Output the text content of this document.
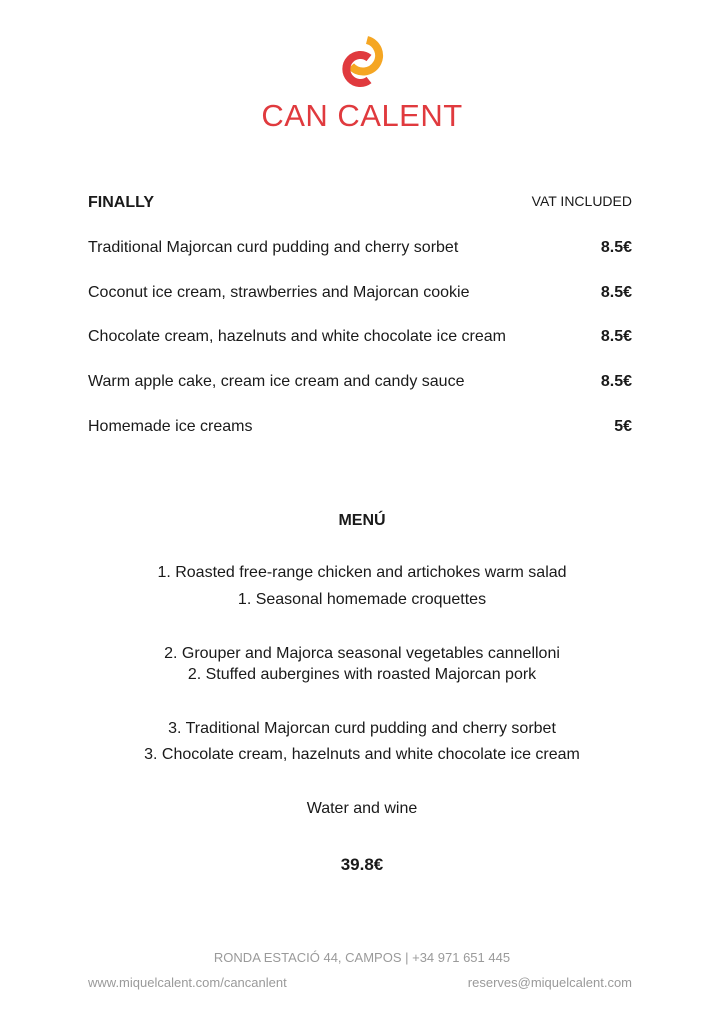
CAN CALENT
FINALLY	VAT INCLUDED
Traditional Majorcan curd pudding and cherry sorbet	8.5€
Coconut ice cream, strawberries and Majorcan cookie	8.5€
Chocolate cream, hazelnuts and white chocolate ice cream	8.5€
Warm apple cake, cream ice cream and candy sauce	8.5€
Homemade ice creams	5€
MENÚ
1. Roasted free-range chicken and artichokes warm salad
1. Seasonal homemade croquettes
2. Grouper and Majorca seasonal vegetables cannelloni
2. Stuffed aubergines with roasted Majorcan pork
3. Traditional Majorcan curd pudding and cherry sorbet
3. Chocolate cream, hazelnuts and white chocolate ice cream
Water and wine
39.8€
RONDA ESTACIÓ 44, CAMPOS | +34 971 651 445
www.miquelcalent.com/cancanlent	reserves@miquelcalent.com
